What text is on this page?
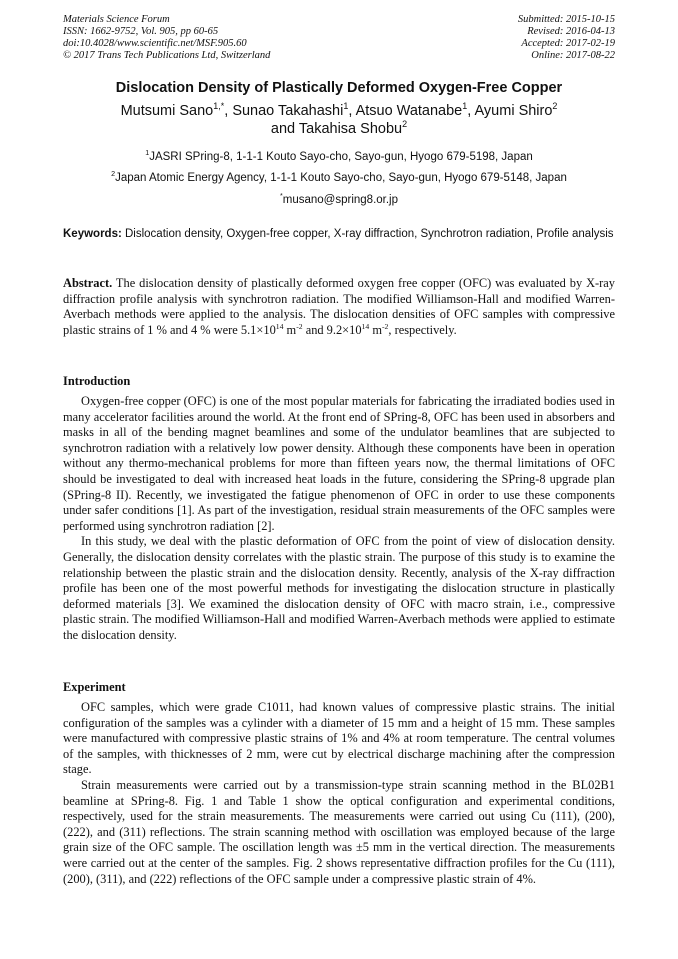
Materials Science Forum
ISSN: 1662-9752, Vol. 905, pp 60-65
doi:10.4028/www.scientific.net/MSF.905.60
© 2017 Trans Tech Publications Ltd, Switzerland
Submitted: 2015-10-15
Revised: 2016-04-13
Accepted: 2017-02-19
Online: 2017-08-22
Dislocation Density of Plastically Deformed Oxygen-Free Copper
Mutsumi Sano$^{1,*}$, Sunao Takahashi$^1$, Atsuo Watanabe$^1$, Ayumi Shiro$^2$
and Takahisa Shobu$^2$
$^1$JASRI SPring-8, 1-1-1 Kouto Sayo-cho, Sayo-gun, Hyogo 679-5198, Japan
$^2$Japan Atomic Energy Agency, 1-1-1 Kouto Sayo-cho, Sayo-gun, Hyogo 679-5148, Japan
*musano@spring8.or.jp
Keywords: Dislocation density, Oxygen-free copper, X-ray diffraction, Synchrotron radiation, Profile analysis

Abstract. The dislocation density of plastically deformed oxygen free copper (OFC) was evaluated by X-ray diffraction profile analysis with synchrotron radiation. The modified Williamson-Hall and modified Warren-Averbach methods were applied to the analysis. The dislocation densities of OFC samples with compressive plastic strains of 1 % and 4 % were $5.1\times 10^{14}$ $m^{-2}$ and $9.2\times 10^{14}$ $m^{-2}$, respectively.

Introduction

Oxygen-free copper (OFC) is one of the most popular materials for fabricating the irradiated bodies used in many accelerator facilities around the world. At the front end of SPring-8, OFC has been used in absorbers and masks in all of the bending magnet beamlines and some of the undulator beamlines that are subjected to synchrotron radiation with a relatively low power density. Although these components have been in operation without any thermo-mechanical problems for more than fifteen years now, the thermal limitations of OFC should be investigated to deal with increased heat loads in the future, considering the SPring-8 upgrade plan (SPring-8 II). Recently, we investigated the fatigue phenomenon of OFC in order to use these components under safer conditions [1]. As part of the investigation, residual strain measurements of the OFC samples were performed using synchrotron radiation [2].

In this study, we deal with the plastic deformation of OFC from the point of view of dislocation density. Generally, the dislocation density correlates with the plastic strain. The purpose of this study is to examine the relationship between the plastic strain and the dislocation density. Recently, analysis of the X-ray diffraction profile has been one of the most powerful methods for investigating the dislocation structure in plastically deformed materials [3]. We examined the dislocation density of OFC with macro strain, i.e., compressive plastic strain. The modified Williamson-Hall and modified Warren-Averbach methods were applied to estimate the dislocation density.

Experiment

OFC samples, which were grade C1011, had known values of compressive plastic strains. The initial configuration of the samples was a cylinder with a diameter of 15 mm and a height of 15 mm. These samples were manufactured with compressive plastic strains of 1% and 4% at room temperature. The central volumes of the samples, with thicknesses of 2 mm, were cut by electrical discharge machining after the compression stage.

Strain measurements were carried out by a transmission-type strain scanning method in the BL02B1 beamline at SPring-8. Fig. 1 and Table 1 show the optical configuration and experimental conditions, respectively, used for the strain measurements. The measurements were carried out using Cu (111), (200), (222), and (311) reflections. The strain scanning method with oscillation was employed because of the large grain size of the OFC sample. The oscillation length was ±5 mm in the vertical direction. The measurements were carried out at the center of the samples. Fig. 2 shows representative diffraction profiles for the Cu (111), (200), (311), and (222) reflections of the OFC sample under a compressive plastic strain of 4%.
